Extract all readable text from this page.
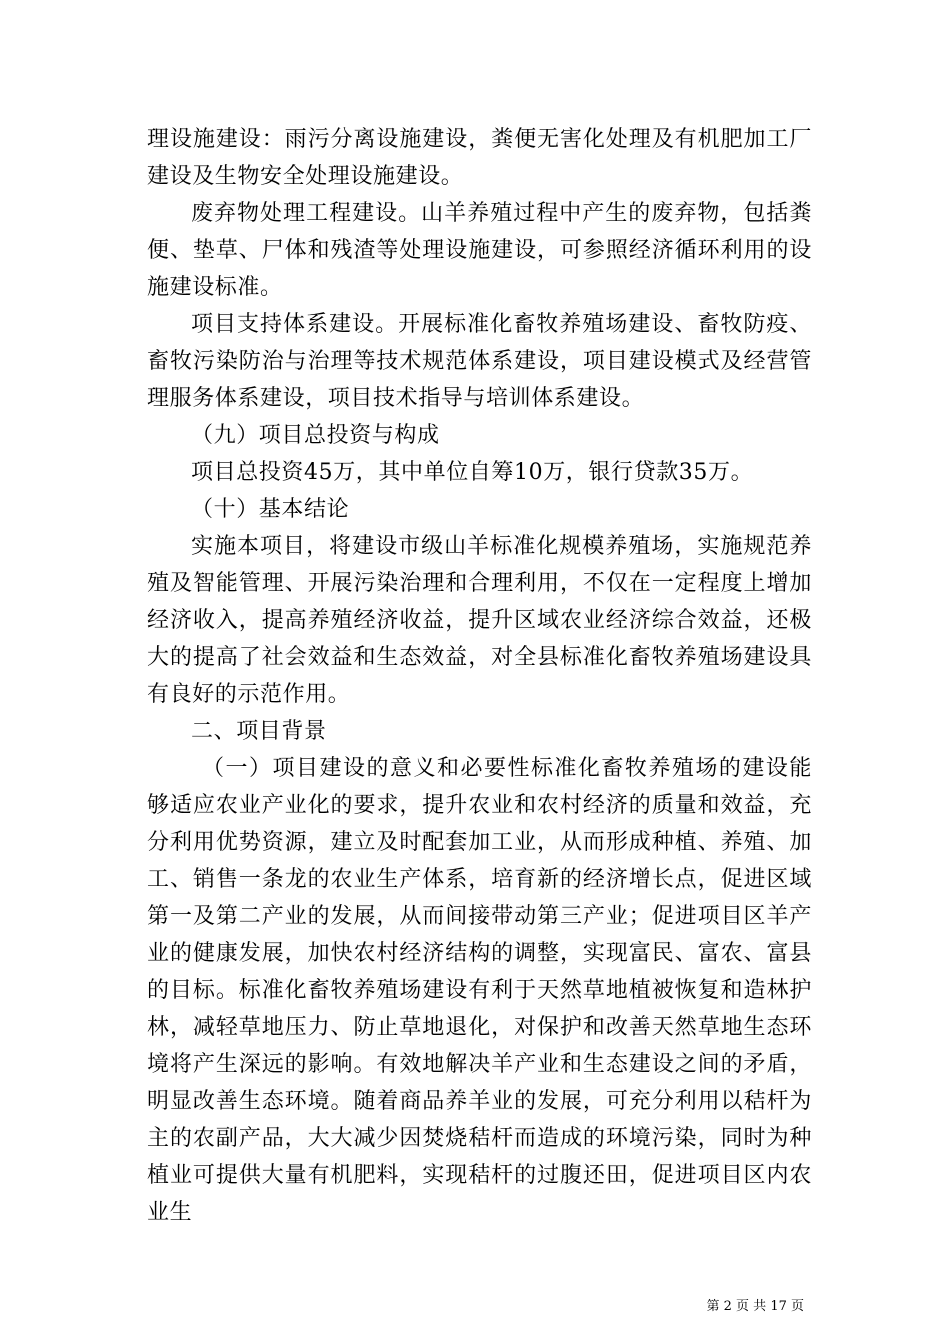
理设施建设：雨污分离设施建设，粪便无害化处理及有机肥加工厂建设及生物安全处理设施建设。

废弃物处理工程建设。山羊养殖过程中产生的废弃物，包括粪便、垫草、尸体和残渣等处理设施建设，可参照经济循环利用的设施建设标准。

项目支持体系建设。开展标准化畜牧养殖场建设、畜牧防疫、畜牧污染防治与治理等技术规范体系建设，项目建设模式及经营管理服务体系建设，项目技术指导与培训体系建设。

（九）项目总投资与构成

项目总投资45万，其中单位自筹10万，银行贷款35万。

（十）基本结论

实施本项目，将建设市级山羊标准化规模养殖场，实施规范养殖及智能管理、开展污染治理和合理利用，不仅在一定程度上增加经济收入，提高养殖经济收益，提升区域农业经济综合效益，还极大的提高了社会效益和生态效益，对全县标准化畜牧养殖场建设具有良好的示范作用。

二、项目背景

（一）项目建设的意义和必要性标准化畜牧养殖场的建设能够适应农业产业化的要求，提升农业和农村经济的质量和效益，充分利用优势资源，建立及时配套加工业，从而形成种植、养殖、加工、销售一条龙的农业生产体系，培育新的经济增长点，促进区域第一及第二产业的发展，从而间接带动第三产业；促进项目区羊产业的健康发展，加快农村经济结构的调整，实现富民、富农、富县的目标。标准化畜牧养殖场建设有利于天然草地植被恢复和造林护林，减轻草地压力、防止草地退化，对保护和改善天然草地生态环境将产生深远的影响。有效地解决羊产业和生态建设之间的矛盾，明显改善生态环境。随着商品养羊业的发展，可充分利用以秸杆为主的农副产品，大大减少因焚烧秸杆而造成的环境污染，同时为种植业可提供大量有机肥料，实现秸杆的过腹还田，促进项目区内农业生

第 2 页 共 17 页
